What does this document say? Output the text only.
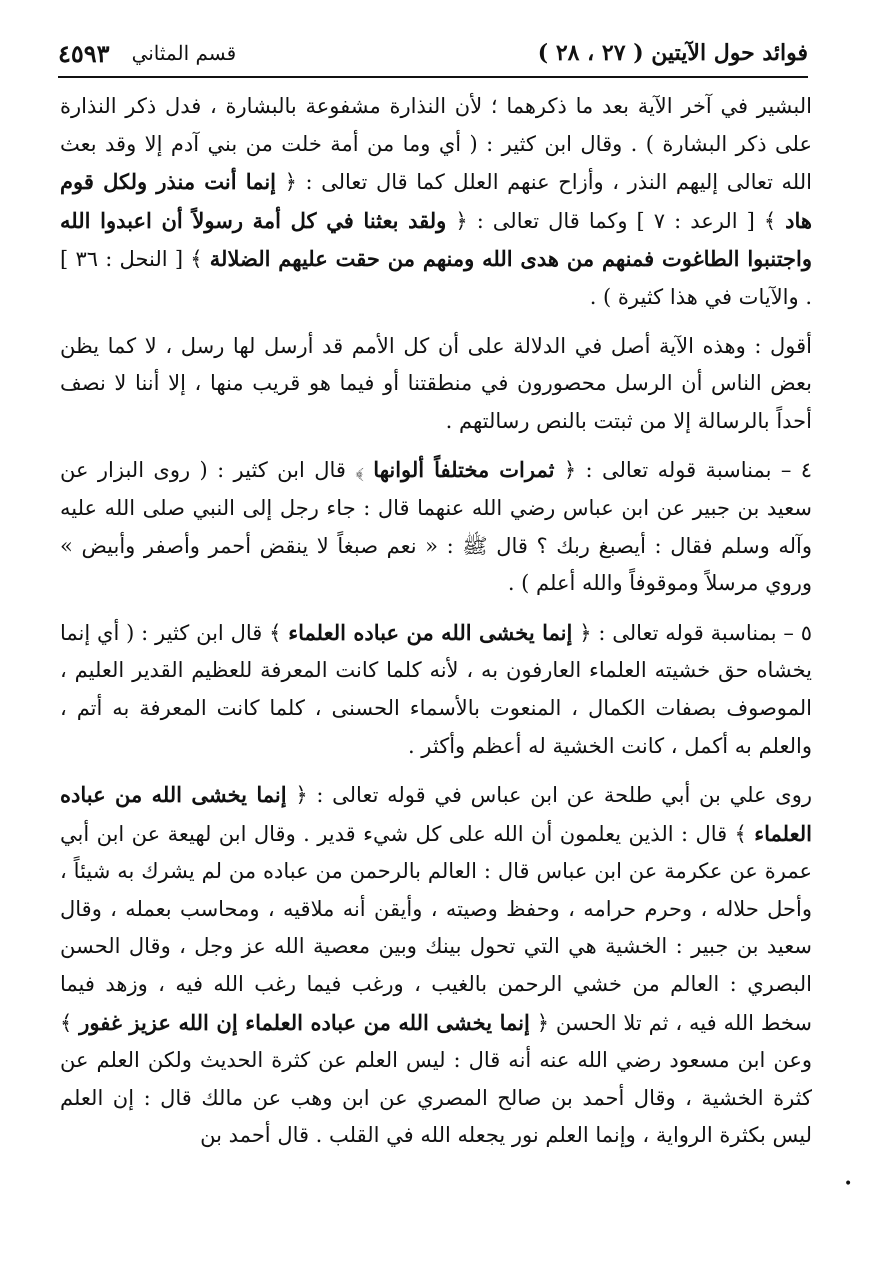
فوائد حول الآيتين ( ٢٧ ، ٢٨ )
قسم المثاني
٤٥٩٣

البشير في آخر الآية بعد ما ذكرهما ؛ لأن النذارة مشفوعة بالبشارة ، فدل ذكر النذارة على ذكر البشارة ) . وقال ابن كثير : ( أي وما من أمة خلت من بني آدم إلا وقد بعث الله تعالى إليهم النذر ، وأزاح عنهم العلل كما قال تعالى : ﴿ إنما أنت منذر ولكل قوم هاد ﴾ [ الرعد : ٧ ] وكما قال تعالى : ﴿ ولقد بعثنا في كل أمة رسولاً أن اعبدوا الله واجتنبوا الطاغوت فمنهم من هدى الله ومنهم من حقت عليهم الضلالة ﴾ [ النحل : ٣٦ ] . والآيات في هذا كثيرة ) .

أقول : وهذه الآية أصل في الدلالة على أن كل الأمم قد أرسل لها رسل ، لا كما يظن بعض الناس أن الرسل محصورون في منطقتنا أو فيما هو قريب منها ، إلا أننا لا نصف أحداً بالرسالة إلا من ثبتت بالنص رسالتهم .

٤ – بمناسبة قوله تعالى : ﴿ ثمرات مختلفاً ألوانها ﴾ قال ابن كثير : ( روى البزار عن سعيد بن جبير عن ابن عباس رضي الله عنهما قال : جاء رجل إلى النبي صلى الله عليه وآله وسلم فقال : أيصبغ ربك ؟ قال ﷺ : « نعم صبغاً لا ينقض أحمر وأصفر وأبيض » وروي مرسلاً وموقوفاً والله أعلم ) .

٥ – بمناسبة قوله تعالى : ﴿ إنما يخشى الله من عباده العلماء ﴾ قال ابن كثير : ( أي إنما يخشاه حق خشيته العلماء العارفون به ، لأنه كلما كانت المعرفة للعظيم القدير العليم ، الموصوف بصفات الكمال ، المنعوت بالأسماء الحسنى ، كلما كانت المعرفة به أتم ، والعلم به أكمل ، كانت الخشية له أعظم وأكثر .

روى علي بن أبي طلحة عن ابن عباس في قوله تعالى : ﴿ إنما يخشى الله من عباده العلماء ﴾ قال : الذين يعلمون أن الله على كل شيء قدير . وقال ابن لهيعة عن ابن أبي عمرة عن عكرمة عن ابن عباس قال : العالم بالرحمن من عباده من لم يشرك به شيئاً ، وأحل حلاله ، وحرم حرامه ، وحفظ وصيته ، وأيقن أنه ملاقيه ، ومحاسب بعمله ، وقال سعيد بن جبير : الخشية هي التي تحول بينك وبين معصية الله عز وجل ، وقال الحسن البصري : العالم من خشي الرحمن بالغيب ، ورغب فيما رغب الله فيه ، وزهد فيما سخط الله فيه ، ثم تلا الحسن ﴿ إنما يخشى الله من عباده العلماء إن الله عزيز غفور ﴾ وعن ابن مسعود رضي الله عنه أنه قال : ليس العلم عن كثرة الحديث ولكن العلم عن كثرة الخشية ، وقال أحمد بن صالح المصري عن ابن وهب عن مالك قال : إن العلم ليس بكثرة الرواية ، وإنما العلم نور يجعله الله في القلب . قال أحمد بن

•
